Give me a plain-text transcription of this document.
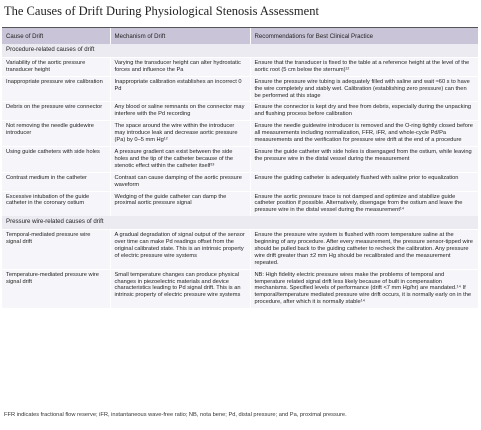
The Causes of Drift During Physiological Stenosis Assessment
Cause of Drift	Mechanism of Drift	Recommendations for Best Clinical Practice
Procedure-related causes of drift		
Variability of the aortic pressure transducer height	Varying the transducer height can alter hydrostatic forces and influence the Pa	Ensure that the transducer is fixed to the table at a reference height at the level of the aortic root (5 cm below the sternum)¹²
Inappropriate pressure wire calibration	Inappropriate calibration establishes an incorrect 0 Pd	Ensure the pressure wire tubing is adequately filled with saline and wait ≈60 s to have the wire completely and stably wet. Calibration (establishing zero pressure) can then be performed at this stage
Debris on the pressure wire connector	Any blood or saline remnants on the connector may interfere with the Pd recording	Ensure the connector is kept dry and free from debris, especially during the unpacking and flushing process before calibration
Not removing the needle guidewire introducer	The space around the wire within the introducer may introduce leak and decrease aortic pressure (Pa) by 0–5 mm Hg¹²	Ensure the needle guidewire introducer is removed and the O-ring tightly closed before all measurements including normalization, FFR, iFR, and whole-cycle Pd/Pa measurements and the verification for pressure wire drift at the end of a procedure
Using guide catheters with side holes	A pressure gradient can exist between the side holes and the tip of the catheter because of the stenotic effect within the catheter itself¹³	Ensure the guide catheter with side holes is disengaged from the ostium, while leaving the pressure wire in the distal vessel during the measurement
Contrast medium in the catheter	Contrast can cause damping of the aortic pressure waveform	Ensure the guiding catheter is adequately flushed with saline prior to equalization
Excessive intubation of the guide catheter in the coronary ostium	Wedging of the guide catheter can damp the proximal aortic pressure signal	Ensure the aortic pressure trace is not damped and optimize and stabilize guide catheter position if possible. Alternatively, disengage from the ostium and leave the pressure wire in the distal vessel during the measurement¹⁴
Pressure wire-related causes of drift		
Temporal-mediated pressure wire signal drift	A gradual degradation of signal output of the sensor over time can make Pd readings offset from the original calibrated state. This is an intrinsic property of electric pressure wire systems	Ensure the pressure wire system is flushed with room temperature saline at the beginning of any procedure. After every measurement, the pressure sensor-tipped wire should be pulled back to the guiding catheter to recheck the calibration. Any pressure wire drift greater than ±2 mm Hg should be recalibrated and the measurement repeated.
Temperature-mediated pressure wire signal drift	Small temperature changes can produce physical changes in piezoelectric materials and device characteristics leading to Pd signal drift. This is an intrinsic property of electric pressure wire systems	NB: High fidelity electric pressure wires make the problems of temporal and temperature related signal drift less likely because of built in compensation mechanisms. Specified levels of performance (drift <7 mm Hg/hr) are mandated.¹⁴ If temporal/temperature mediated pressure wire drift occurs, it is normally early on in the procedure, after which it is normally stable¹⁴
FFR indicates fractional flow reserve; iFR, instantaneous wave-free ratio; NB, nota bene; Pd, distal pressure; and Pa, proximal pressure.
